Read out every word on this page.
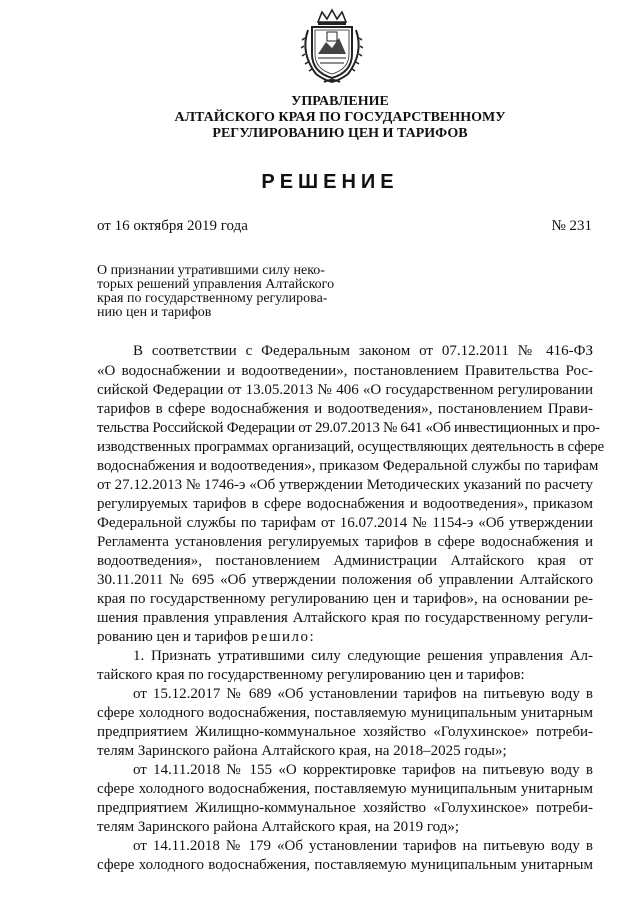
УПРАВЛЕНИЕ
АЛТАЙСКОГО КРАЯ ПО ГОСУДАРСТВЕННОМУ
РЕГУЛИРОВАНИЮ ЦЕН И ТАРИФОВ
РЕШЕНИЕ
от 16 октября 2019 года	№ 231
О признании утратившими силу неко-
торых решений управления Алтайского
края по государственному регулирова-
нию цен и тарифов
В соответствии с Федеральным законом от 07.12.2011 № 416-ФЗ
«О водоснабжении и водоотведении», постановлением Правительства Рос-
сийской Федерации от 13.05.2013 № 406 «О государственном регулировании
тарифов в сфере водоснабжения и водоотведения», постановлением Прави-
тельства Российской Федерации от 29.07.2013 № 641 «Об инвестиционных и про-
изводственных программах организаций, осуществляющих деятельность в сфере
водоснабжения и водоотведения», приказом Федеральной службы по тарифам
от 27.12.2013 № 1746-э «Об утверждении Методических указаний по расчету
регулируемых тарифов в сфере водоснабжения и водоотведения», приказом
Федеральной службы по тарифам от 16.07.2014 № 1154-э «Об утверждении
Регламента установления регулируемых тарифов в сфере водоснабжения и
водоотведения», постановлением Администрации Алтайского края от
30.11.2011 № 695 «Об утверждении положения об управлении Алтайского
края по государственному регулированию цен и тарифов», на основании ре-
шения правления управления Алтайского края по государственному регули-
рованию цен и тарифов решило:
1. Признать утратившими силу следующие решения управления Ал-
тайского края по государственному регулированию цен и тарифов:
от 15.12.2017 № 689 «Об установлении тарифов на питьевую воду в
сфере холодного водоснабжения, поставляемую муниципальным унитарным
предприятием Жилищно-коммунальное хозяйство «Голухинское» потреби-
телям Заринского района Алтайского края, на 2018–2025 годы»;
от 14.11.2018 № 155 «О корректировке тарифов на питьевую воду в
сфере холодного водоснабжения, поставляемую муниципальным унитарным
предприятием Жилищно-коммунальное хозяйство «Голухинское» потреби-
телям Заринского района Алтайского края, на 2019 год»;
от 14.11.2018 № 179 «Об установлении тарифов на питьевую воду в
сфере холодного водоснабжения, поставляемую муниципальным унитарным
